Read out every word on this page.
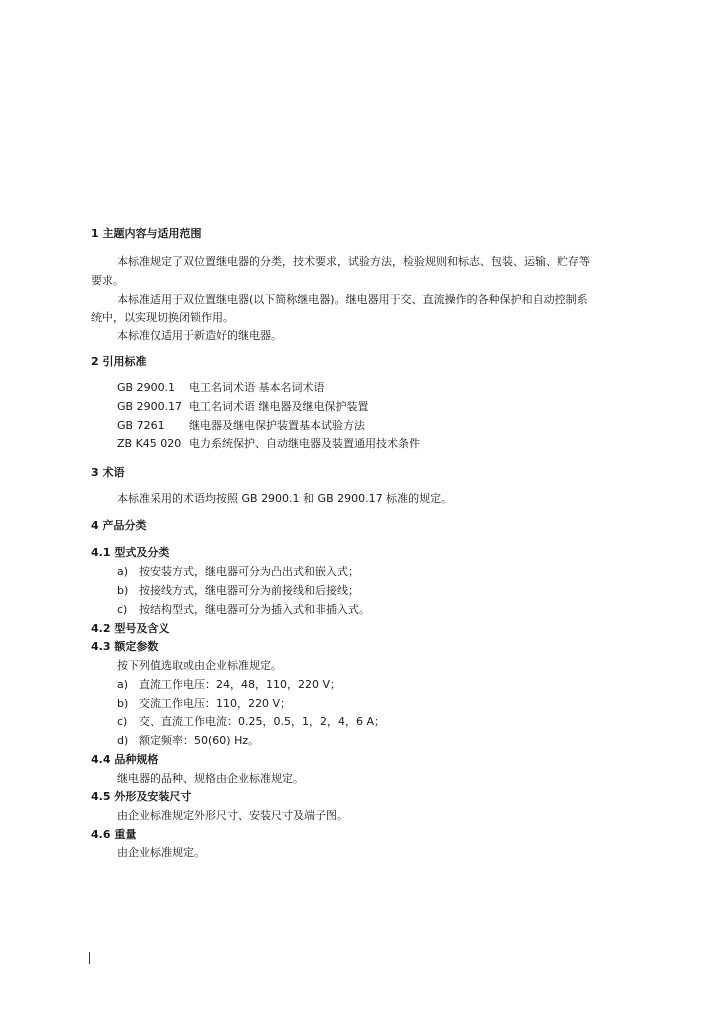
1 主题内容与适用范围
本标准规定了双位置继电器的分类，技术要求，试验方法，检验规则和标志、包装、运输、贮存等
要求。
本标准适用于双位置继电器(以下简称继电器)。继电器用于交、直流操作的各种保护和自动控制系
统中，以实现切换闭锁作用。
本标准仅适用于新造好的继电器。
2 引用标准
GB 2900.1 电工名词术语 基本名词术语
GB 2900.17 电工名词术语 继电器及继电保护装置
GB 7261 继电器及继电保护装置基本试验方法
ZB K45 020 电力系统保护、自动继电器及装置通用技术条件
3 术语
本标准采用的术语均按照 GB 2900.1 和 GB 2900.17 标准的规定。
4 产品分类
4.1 型式及分类
a) 按安装方式，继电器可分为凸出式和嵌入式；
b) 按接线方式，继电器可分为前接线和后接线；
c) 按结构型式，继电器可分为插入式和非插入式。
4.2 型号及含义
4.3 额定参数
按下列值选取或由企业标准规定。
a) 直流工作电压：24，48，110，220 V；
b) 交流工作电压：110，220 V；
c) 交、直流工作电流：0.25，0.5，1，2，4，6 A；
d) 额定频率：50(60) Hz。
4.4 品种规格
继电器的品种、规格由企业标准规定。
4.5 外形及安装尺寸
由企业标准规定外形尺寸、安装尺寸及端子图。
4.6 重量
由企业标准规定。
